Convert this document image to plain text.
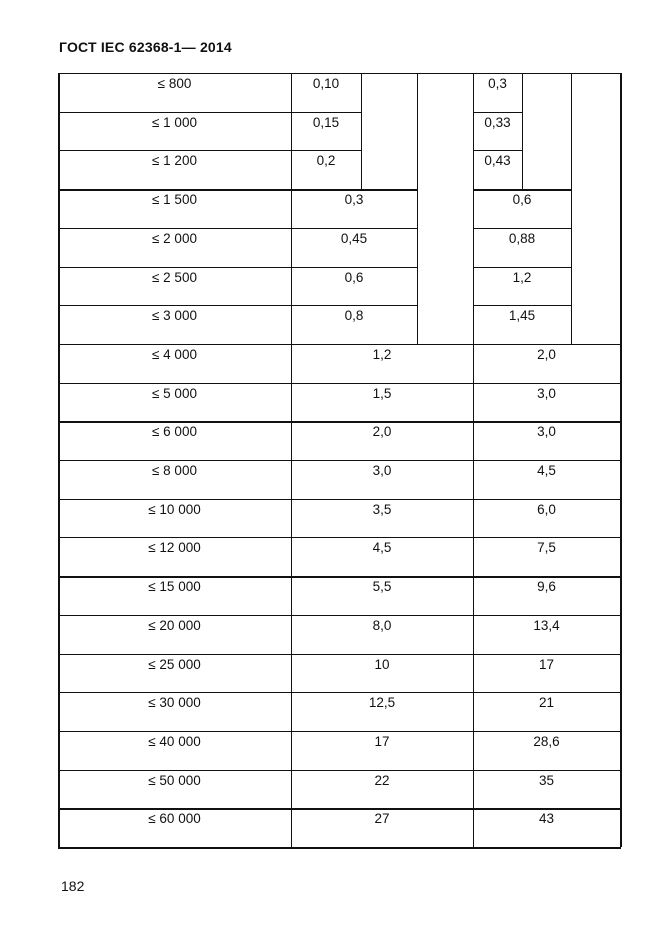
ГОСТ IEC 62368-1— 2014
≤ 800	0,10	0,3
≤ 1 000	0,15	0,33
≤ 1 200	0,2	0,43
≤ 1 500	0,3	0,6
≤ 2 000	0,45	0,88
≤ 2 500	0,6	1,2
≤ 3 000	0,8	1,45
≤ 4 000	1,2	2,0
≤ 5 000	1,5	3,0
≤ 6 000	2,0	3,0
≤ 8 000	3,0	4,5
≤ 10 000	3,5	6,0
≤ 12 000	4,5	7,5
≤ 15 000	5,5	9,6
≤ 20 000	8,0	13,4
≤ 25 000	10	17
≤ 30 000	12,5	21
≤ 40 000	17	28,6
≤ 50 000	22	35
≤ 60 000	27	43
182
